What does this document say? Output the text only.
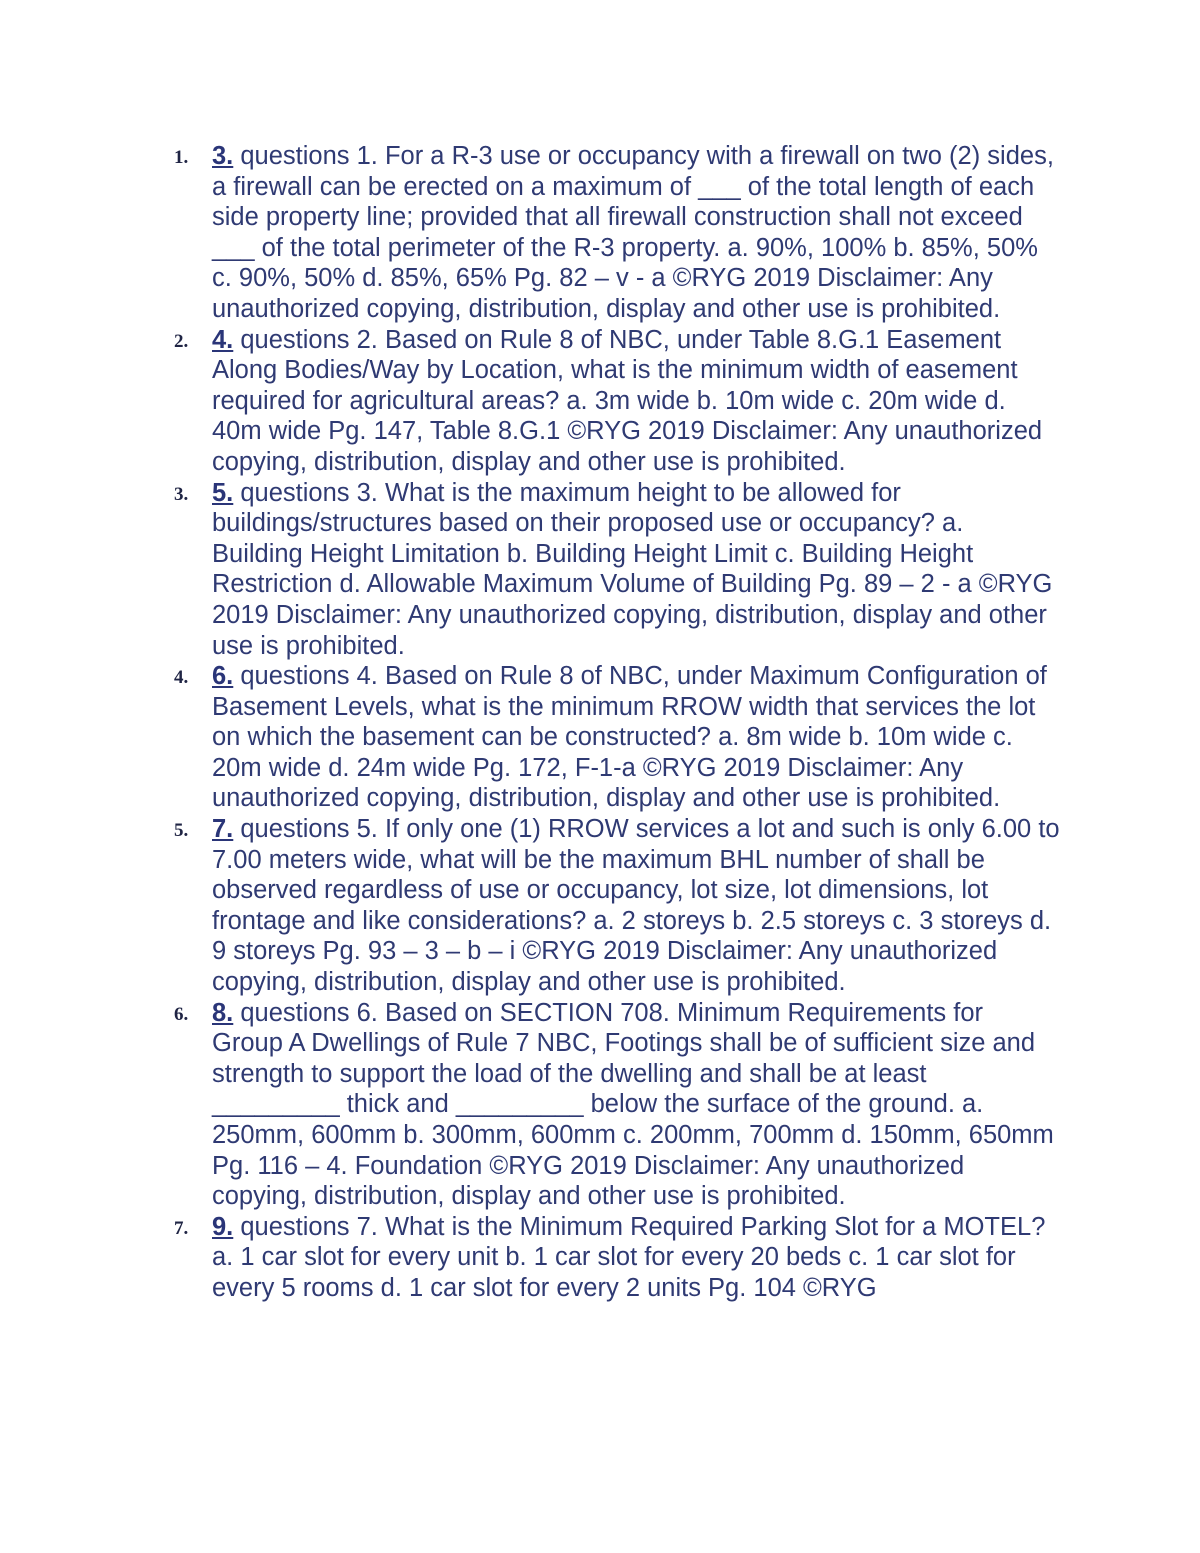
1. 3. questions 1. For a R-3 use or occupancy with a firewall on two (2) sides, a firewall can be erected on a maximum of ___ of the total length of each side property line; provided that all firewall construction shall not exceed ___ of the total perimeter of the R-3 property. a. 90%, 100% b. 85%, 50% c. 90%, 50% d. 85%, 65% Pg. 82 – v - a ©RYG 2019 Disclaimer: Any unauthorized copying, distribution, display and other use is prohibited.
2. 4. questions 2. Based on Rule 8 of NBC, under Table 8.G.1 Easement Along Bodies/Way by Location, what is the minimum width of easement required for agricultural areas? a. 3m wide b. 10m wide c. 20m wide d. 40m wide Pg. 147, Table 8.G.1 ©RYG 2019 Disclaimer: Any unauthorized copying, distribution, display and other use is prohibited.
3. 5. questions 3. What is the maximum height to be allowed for buildings/structures based on their proposed use or occupancy? a. Building Height Limitation b. Building Height Limit c. Building Height Restriction d. Allowable Maximum Volume of Building Pg. 89 – 2 - a ©RYG 2019 Disclaimer: Any unauthorized copying, distribution, display and other use is prohibited.
4. 6. questions 4. Based on Rule 8 of NBC, under Maximum Configuration of Basement Levels, what is the minimum RROW width that services the lot on which the basement can be constructed? a. 8m wide b. 10m wide c. 20m wide d. 24m wide Pg. 172, F-1-a ©RYG 2019 Disclaimer: Any unauthorized copying, distribution, display and other use is prohibited.
5. 7. questions 5. If only one (1) RROW services a lot and such is only 6.00 to 7.00 meters wide, what will be the maximum BHL number of shall be observed regardless of use or occupancy, lot size, lot dimensions, lot frontage and like considerations? a. 2 storeys b. 2.5 storeys c. 3 storeys d. 9 storeys Pg. 93 – 3 – b – i ©RYG 2019 Disclaimer: Any unauthorized copying, distribution, display and other use is prohibited.
6. 8. questions 6. Based on SECTION 708. Minimum Requirements for Group A Dwellings of Rule 7 NBC, Footings shall be of sufficient size and strength to support the load of the dwelling and shall be at least _________ thick and _________ below the surface of the ground. a. 250mm, 600mm b. 300mm, 600mm c. 200mm, 700mm d. 150mm, 650mm Pg. 116 – 4. Foundation ©RYG 2019 Disclaimer: Any unauthorized copying, distribution, display and other use is prohibited.
7. 9. questions 7. What is the Minimum Required Parking Slot for a MOTEL? a. 1 car slot for every unit b. 1 car slot for every 20 beds c. 1 car slot for every 5 rooms d. 1 car slot for every 2 units Pg. 104 ©RYG
